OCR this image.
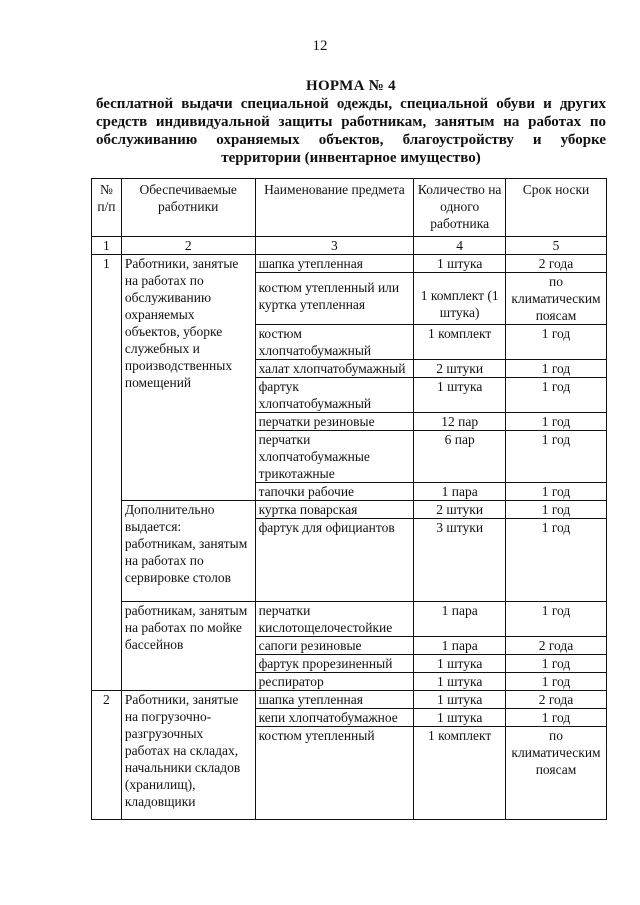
12
НОРМА № 4
бесплатной выдачи специальной одежды, специальной обуви и других средств индивидуальной защиты работникам, занятым на работах по обслуживанию охраняемых объектов, благоустройству и уборке территории (инвентарное имущество)
№ п/п	Обеспечиваемые работники	Наименование предмета	Количество на одного работника	Срок носки
1	2	3	4	5
1	Работники, занятые на работах по обслуживанию охраняемых объектов, уборке служебных и производственных помещений	шапка утепленная	1 штука	2 года
		костюм утепленный или куртка утепленная	1 комплект (1 штука)	по климатическим поясам
		костюм хлопчатобумажный	1 комплект	1 год
		халат хлопчатобумажный	2 штуки	1 год
		фартук хлопчатобумажный	1 штука	1 год
		перчатки резиновые	12 пар	1 год
		перчатки хлопчатобумажные трикотажные	6 пар	1 год
		тапочки рабочие	1 пара	1 год
	Дополнительно выдается: работникам, занятым на работах по сервировке столов	куртка поварская	2 штуки	1 год
		фартук для официантов	3 штуки	1 год
	работникам, занятым на работах по мойке бассейнов	перчатки кислотощелочестойкие	1 пара	1 год
		сапоги резиновые	1 пара	2 года
		фартук прорезиненный	1 штука	1 год
		респиратор	1 штука	1 год
2	Работники, занятые на погрузочно-разгрузочных работах на складах, начальники складов (хранилищ), кладовщики	шапка утепленная	1 штука	2 года
		кепи хлопчатобумажное	1 штука	1 год
		костюм утепленный	1 комплект	по климатическим поясам
